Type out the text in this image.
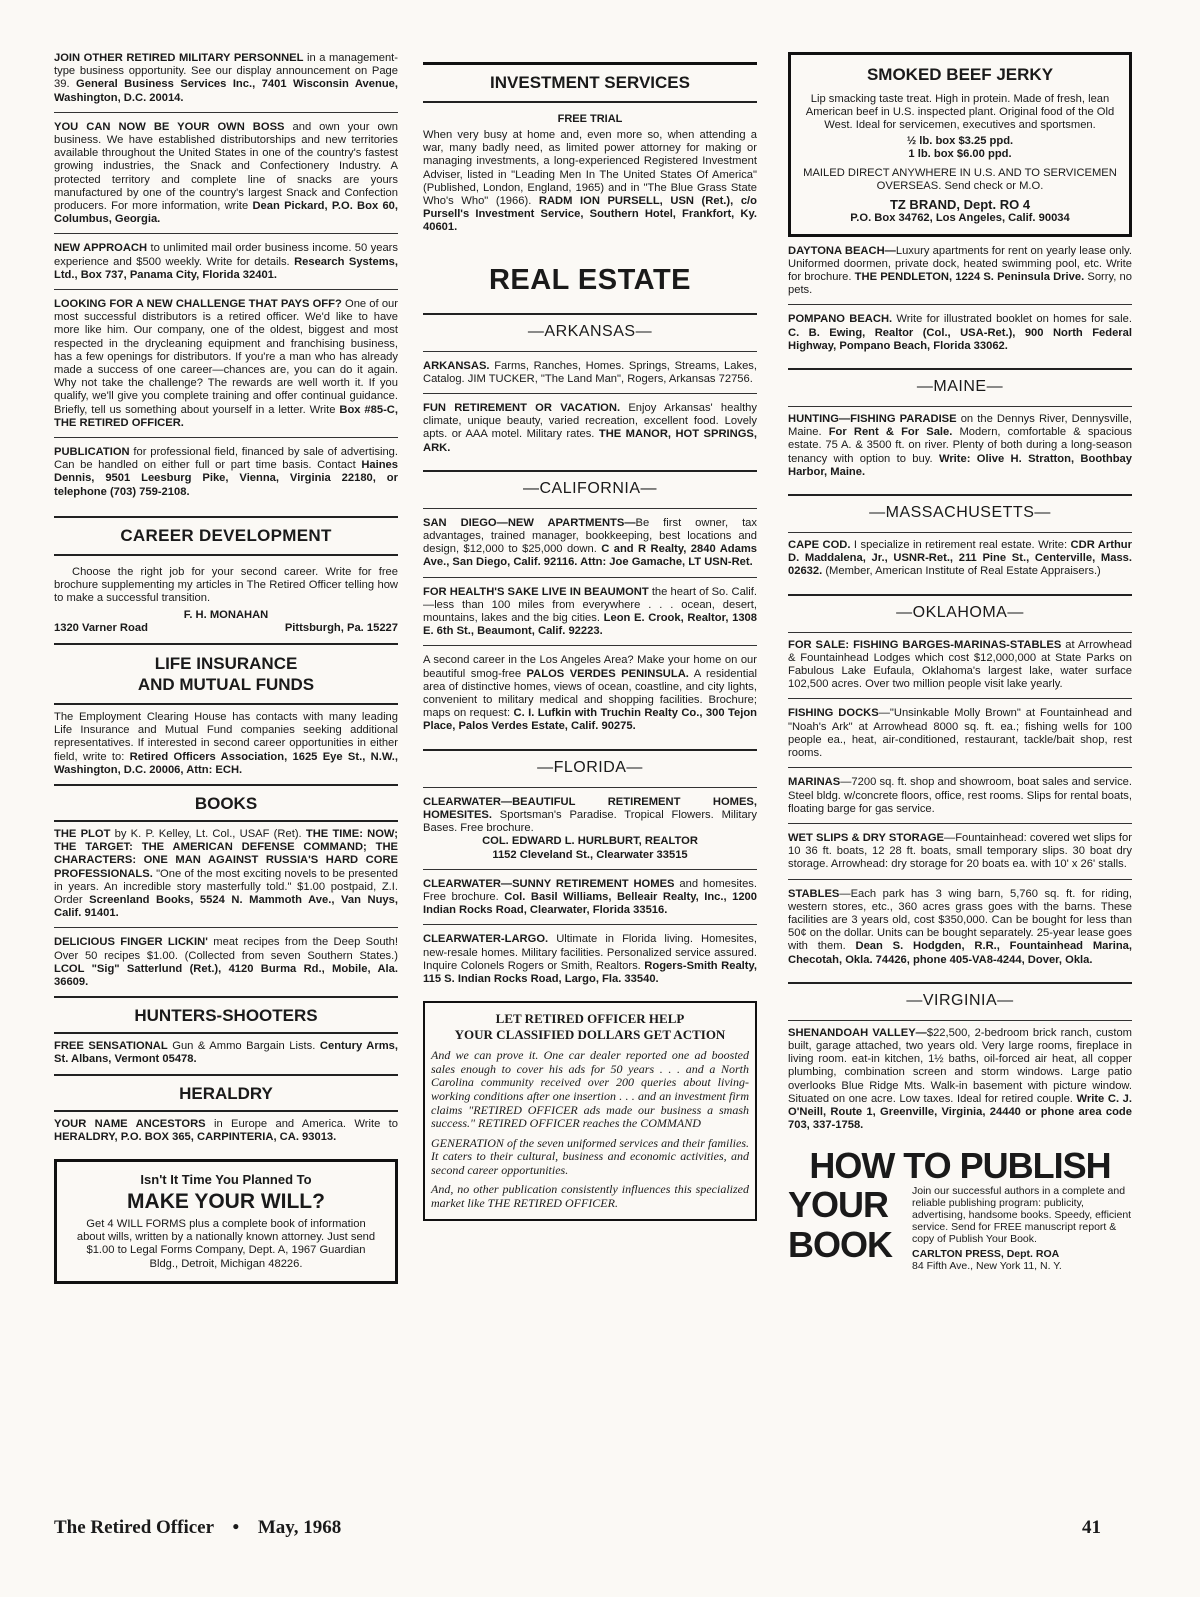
JOIN OTHER RETIRED MILITARY PERSONNEL in a management-type business opportunity. See our display announcement on Page 39. General Business Services Inc., 7401 Wisconsin Avenue, Washington, D.C. 20014.

YOU CAN NOW BE YOUR OWN BOSS and own your own business. We have established distributorships and new territories available throughout the United States in one of the country's fastest growing industries, the Snack and Confectionery Industry. A protected territory and complete line of snacks are yours manufactured by one of the country's largest Snack and Confection producers. For more information, write Dean Pickard, P.O. Box 60, Columbus, Georgia.

NEW APPROACH to unlimited mail order business income. 50 years experience and $500 weekly. Write for details. Research Systems, Ltd., Box 737, Panama City, Florida 32401.

LOOKING FOR A NEW CHALLENGE THAT PAYS OFF? One of our most successful distributors is a retired officer. We'd like to have more like him. Our company, one of the oldest, biggest and most respected in the drycleaning equipment and franchising business, has a few openings for distributors. If you're a man who has already made a success of one career—chances are, you can do it again. Why not take the challenge? The rewards are well worth it. If you qualify, we'll give you complete training and offer continual guidance. Briefly, tell us something about yourself in a letter. Write Box #85-C, THE RETIRED OFFICER.

PUBLICATION for professional field, financed by sale of advertising. Can be handled on either full or part time basis. Contact Haines Dennis, 9501 Leesburg Pike, Vienna, Virginia 22180, or telephone (703) 759-2108.

CAREER DEVELOPMENT
Choose the right job for your second career. Write for free brochure supplementing my articles in The Retired Officer telling how to make a successful transition.
F. H. MONAHAN
1320 Varner Road	Pittsburgh, Pa. 15227
LIFE INSURANCE
AND MUTUAL FUNDS

The Employment Clearing House has contacts with many leading Life Insurance and Mutual Fund companies seeking additional representatives. If interested in second career opportunities in either field, write to: Retired Officers Association, 1625 Eye St., N.W., Washington, D.C. 20006, Attn: ECH.

BOOKS

THE PLOT by K. P. Kelley, Lt. Col., USAF (Ret). THE TIME: NOW; THE TARGET: THE AMERICAN DEFENSE COMMAND; THE CHARACTERS: ONE MAN AGAINST RUSSIA'S HARD CORE PROFESSIONALS. "One of the most exciting novels to be presented in years. An incredible story masterfully told." $1.00 postpaid, Z.I. Order Screenland Books, 5524 N. Mammoth Ave., Van Nuys, Calif. 91401.

DELICIOUS FINGER LICKIN' meat recipes from the Deep South! Over 50 recipes $1.00. (Collected from seven Southern States.) LCOL "Sig" Satterlund (Ret.), 4120 Burma Rd., Mobile, Ala. 36609.

HUNTERS-SHOOTERS

FREE SENSATIONAL Gun & Ammo Bargain Lists. Century Arms, St. Albans, Vermont 05478.

HERALDRY

YOUR NAME ANCESTORS in Europe and America. Write to HERALDRY, P.O. BOX 365, CARPINTERIA, CA. 93013.

Isn't It Time You Planned To
MAKE YOUR WILL?
Get 4 WILL FORMS plus a complete book of information about wills, written by a nationally known attorney. Just send $1.00 to Legal Forms Company, Dept. A, 1967 Guardian Bldg., Detroit, Michigan 48226.
INVESTMENT SERVICES
FREE TRIAL

When very busy at home and, even more so, when attending a war, many badly need, as limited power attorney for making or managing investments, a long-experienced Registered Investment Adviser, listed in "Leading Men In The United States Of America" (Published, London, England, 1965) and in "The Blue Grass State Who's Who" (1966). RADM ION PURSELL, USN (Ret.), c/o Pursell's Investment Service, Southern Hotel, Frankfort, Ky. 40601.

REAL ESTATE
—ARKANSAS—

ARKANSAS. Farms, Ranches, Homes. Springs, Streams, Lakes, Catalog. JIM TUCKER, "The Land Man", Rogers, Arkansas 72756.

FUN RETIREMENT OR VACATION. Enjoy Arkansas' healthy climate, unique beauty, varied recreation, excellent food. Lovely apts. or AAA motel. Military rates. THE MANOR, HOT SPRINGS, ARK.

—CALIFORNIA—

SAN DIEGO—NEW APARTMENTS—Be first owner, tax advantages, trained manager, bookkeeping, best locations and design, $12,000 to $25,000 down. C and R Realty, 2840 Adams Ave., San Diego, Calif. 92116. Attn: Joe Gamache, LT USN-Ret.

FOR HEALTH'S SAKE LIVE IN BEAUMONT the heart of So. Calif.—less than 100 miles from everywhere . . . ocean, desert, mountains, lakes and the big cities. Leon E. Crook, Realtor, 1308 E. 6th St., Beaumont, Calif. 92223.

A second career in the Los Angeles Area? Make your home on our beautiful smog-free PALOS VERDES PENINSULA. A residential area of distinctive homes, views of ocean, coastline, and city lights, convenient to military medical and shopping facilities. Brochure; maps on request: C. I. Lufkin with Truchin Realty Co., 300 Tejon Place, Palos Verdes Estate, Calif. 90275.

—FLORIDA—
CLEARWATER—BEAUTIFUL RETIREMENT HOMES, HOMESITES. Sportsman's Paradise. Tropical Flowers. Military Bases. Free brochure.
COL. EDWARD L. HURLBURT, REALTOR
1152 Cleveland St., Clearwater 33515

CLEARWATER—SUNNY RETIREMENT HOMES and homesites. Free brochure. Col. Basil Williams, Belleair Realty, Inc., 1200 Indian Rocks Road, Clearwater, Florida 33516.

CLEARWATER-LARGO. Ultimate in Florida living. Homesites, new-resale homes. Military facilities. Personalized service assured. Inquire Colonels Rogers or Smith, Realtors. Rogers-Smith Realty, 115 S. Indian Rocks Road, Largo, Fla. 33540.

LET RETIRED OFFICER HELP
YOUR CLASSIFIED DOLLARS GET ACTION
And we can prove it. One car dealer reported one ad boosted sales enough to cover his ads for 50 years . . . and a North Carolina community received over 200 queries about living-working conditions after one insertion . . . and an investment firm claims "RETIRED OFFICER ads made our business a smash success." RETIRED OFFICER reaches the COMMAND
GENERATION of the seven uniformed services and their families. It caters to their cultural, business and economic activities, and second career opportunities.
And, no other publication consistently influences this specialized market like THE RETIRED OFFICER.
SMOKED BEEF JERKY
Lip smacking taste treat. High in protein. Made of fresh, lean American beef in U.S. inspected plant. Original food of the Old West. Ideal for servicemen, executives and sportsmen.
½ lb. box $3.25 ppd.
1 lb. box $6.00 ppd.
MAILED DIRECT ANYWHERE IN U.S. AND TO SERVICEMEN OVERSEAS. Send check or M.O.
TZ BRAND, Dept. RO 4
P.O. Box 34762, Los Angeles, Calif. 90034

DAYTONA BEACH—Luxury apartments for rent on yearly lease only. Uniformed doormen, private dock, heated swimming pool, etc. Write for brochure. THE PENDLETON, 1224 S. Peninsula Drive. Sorry, no pets.

POMPANO BEACH. Write for illustrated booklet on homes for sale. C. B. Ewing, Realtor (Col., USA-Ret.), 900 North Federal Highway, Pompano Beach, Florida 33062.

—MAINE—

HUNTING—FISHING PARADISE on the Dennys River, Dennysville, Maine. For Rent & For Sale. Modern, comfortable & spacious estate. 75 A. & 3500 ft. on river. Plenty of both during a long-season tenancy with option to buy. Write: Olive H. Stratton, Boothbay Harbor, Maine.

—MASSACHUSETTS—

CAPE COD. I specialize in retirement real estate. Write: CDR Arthur D. Maddalena, Jr., USNR-Ret., 211 Pine St., Centerville, Mass. 02632. (Member, American Institute of Real Estate Appraisers.)

—OKLAHOMA—

FOR SALE: FISHING BARGES-MARINAS-STABLES at Arrowhead & Fountainhead Lodges which cost $12,000,000 at State Parks on Fabulous Lake Eufaula, Oklahoma's largest lake, water surface 102,500 acres. Over two million people visit lake yearly.

FISHING DOCKS—"Unsinkable Molly Brown" at Fountainhead and "Noah's Ark" at Arrowhead 8000 sq. ft. ea.; fishing wells for 100 people ea., heat, air-conditioned, restaurant, tackle/bait shop, rest rooms.

MARINAS—7200 sq. ft. shop and showroom, boat sales and service. Steel bldg. w/concrete floors, office, rest rooms. Slips for rental boats, floating barge for gas service.

WET SLIPS & DRY STORAGE—Fountainhead: covered wet slips for 10 36 ft. boats, 12 28 ft. boats, small temporary slips. 30 boat dry storage. Arrowhead: dry storage for 20 boats ea. with 10' x 26' stalls.

STABLES—Each park has 3 wing barn, 5,760 sq. ft. for riding, western stores, etc., 360 acres grass goes with the barns. These facilities are 3 years old, cost $350,000. Can be bought for less than 50¢ on the dollar. Units can be bought separately. 25-year lease goes with them. Dean S. Hodgden, R.R., Fountainhead Marina, Checotah, Okla. 74426, phone 405-VA8-4244, Dover, Okla.

—VIRGINIA—

SHENANDOAH VALLEY—$22,500, 2-bedroom brick ranch, custom built, garage attached, two years old. Very large rooms, fireplace in living room. eat-in kitchen, 1½ baths, oil-forced air heat, all copper plumbing, combination screen and storm windows. Large patio overlooks Blue Ridge Mts. Walk-in basement with picture window. Situated on one acre. Low taxes. Ideal for retired couple. Write C. J. O'Neill, Route 1, Greenville, Virginia, 24440 or phone area code 703, 337-1758.

HOW TO PUBLISH
YOUR
BOOK
Join our successful authors in a complete and reliable publishing program: publicity, advertising, handsome books. Speedy, efficient service. Send for FREE manuscript report & copy of Publish Your Book.
CARLTON PRESS, Dept. ROA
84 Fifth Ave., New York 11, N. Y.
The Retired Officer • May, 1968	41
